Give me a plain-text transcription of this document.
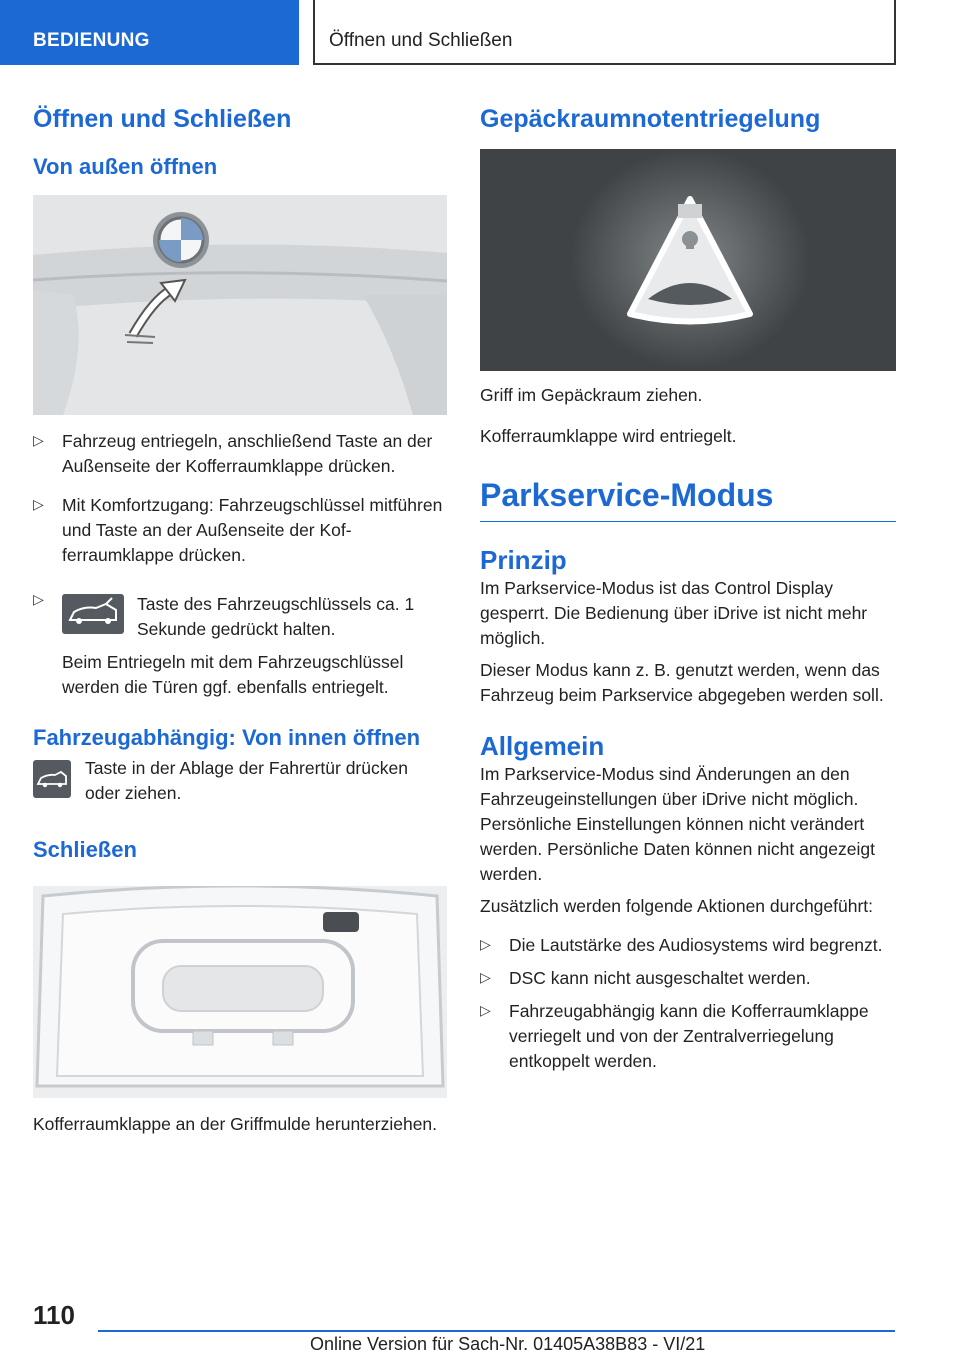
BEDIENUNG	Öffnen und Schließen
Öffnen und Schließen
Von außen öffnen
▷ Fahrzeug entriegeln, anschließend Taste an der Außenseite der Kofferraumklappe drücken.
▷ Mit Komfortzugang: Fahrzeugschlüssel mitführen und Taste an der Außenseite der Kofferraumklappe drücken.
▷	Taste des Fahrzeugschlüssels ca. 1 Sekunde gedrückt halten.

Beim Entriegeln mit dem Fahrzeugschlüssel werden die Türen ggf. ebenfalls entriegelt.

Fahrzeugabhängig: Von innen öffnen

Taste in der Ablage der Fahrertür drücken oder ziehen.

Schließen

Kofferraumklappe an der Griffmulde herunterziehen.

Gepäckraumnotentriegelung

Griff im Gepäckraum ziehen.

Kofferraumklappe wird entriegelt.

Parkservice-Modus
Prinzip

Im Parkservice-Modus ist das Control Display gesperrt. Die Bedienung über iDrive ist nicht mehr möglich.

Dieser Modus kann z. B. genutzt werden, wenn das Fahrzeug beim Parkservice abgegeben werden soll.

Allgemein

Im Parkservice-Modus sind Änderungen an den Fahrzeugeinstellungen über iDrive nicht möglich. Persönliche Einstellungen können nicht verändert werden. Persönliche Daten können nicht angezeigt werden.

Zusätzlich werden folgende Aktionen durchgeführt:

▷ Die Lautstärke des Audiosystems wird begrenzt.
▷ DSC kann nicht ausgeschaltet werden.
▷ Fahrzeugabhängig kann die Kofferraumklappe verriegelt und von der Zentralverriegelung entkoppelt werden.
110
Online Version für Sach-Nr. 01405A38B83 - VI/21
